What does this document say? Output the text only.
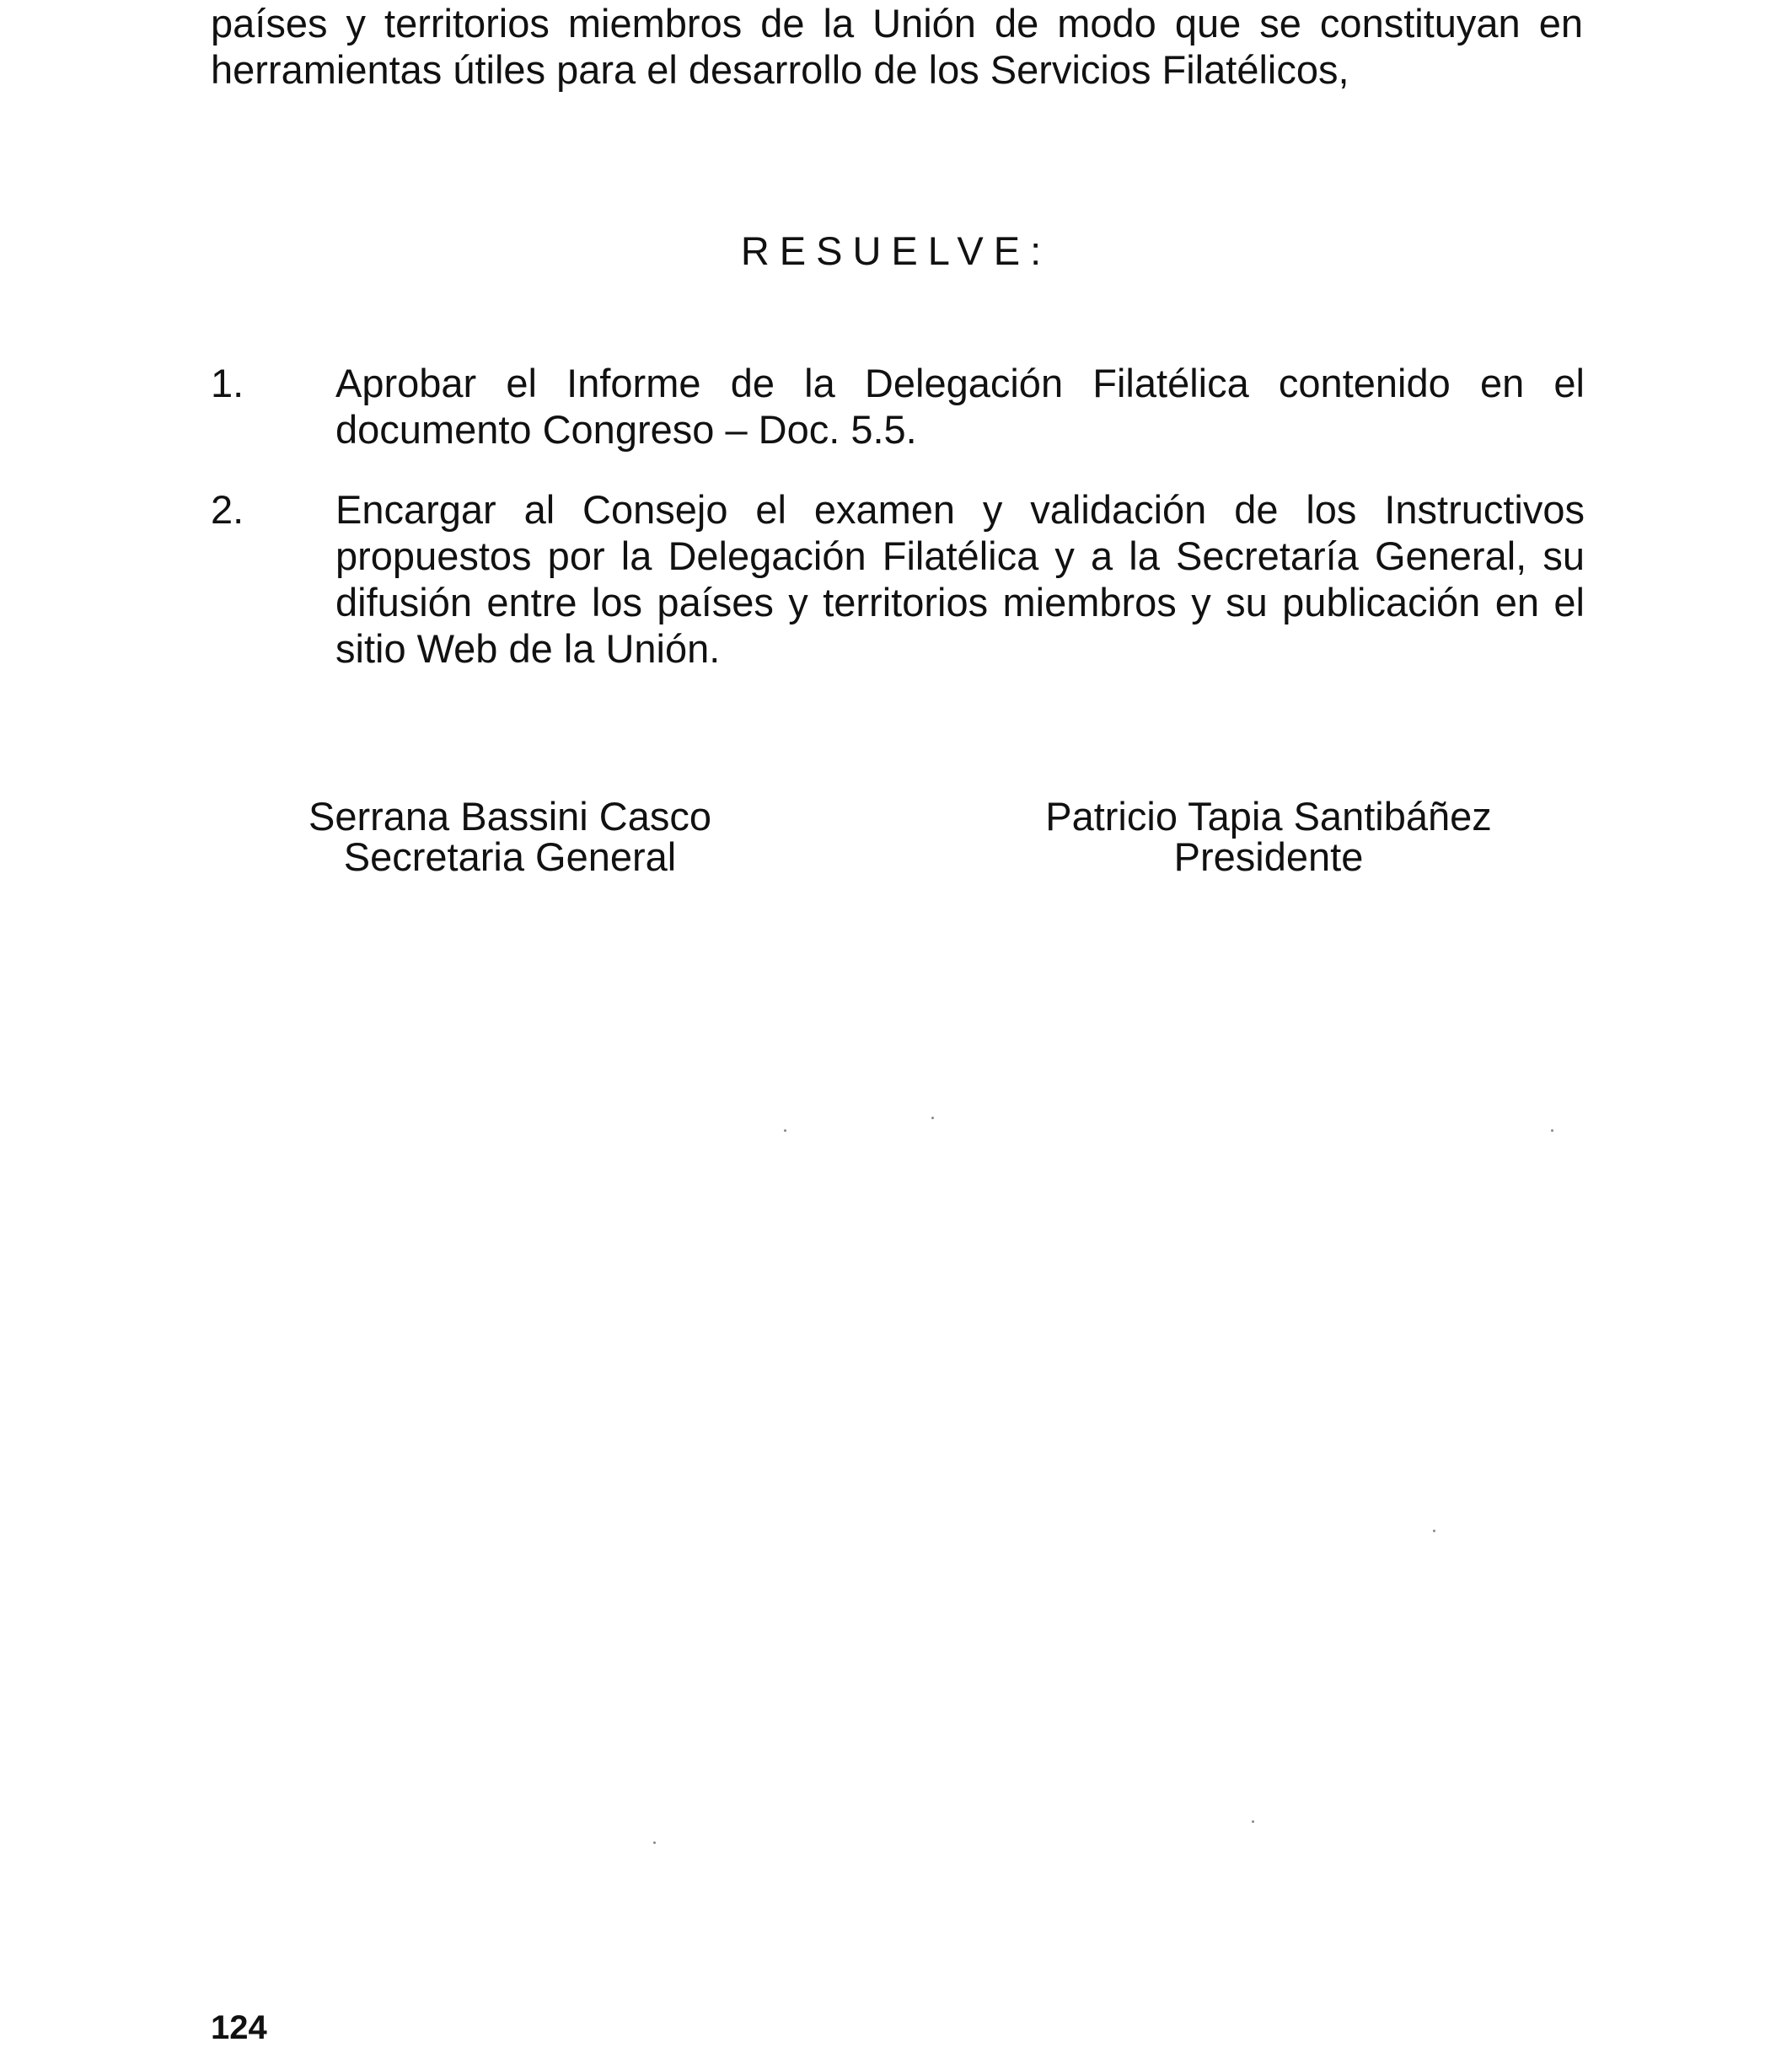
países y territorios miembros de la Unión de modo que se constituyan en
herramientas útiles para el desarrollo de los Servicios Filatélicos,
RESUELVE:
1. Aprobar el Informe de la Delegación Filatélica contenido en el documento Congreso – Doc. 5.5.
2. Encargar al Consejo el examen y validación de los Instructivos propuestos por la Delegación Filatélica y a la Secretaría General, su difusión entre los países y territorios miembros y su publicación en el sitio Web de la Unión.
Serrana Bassini Casco
Secretaria General
Patricio Tapia Santibáñez
Presidente
124
